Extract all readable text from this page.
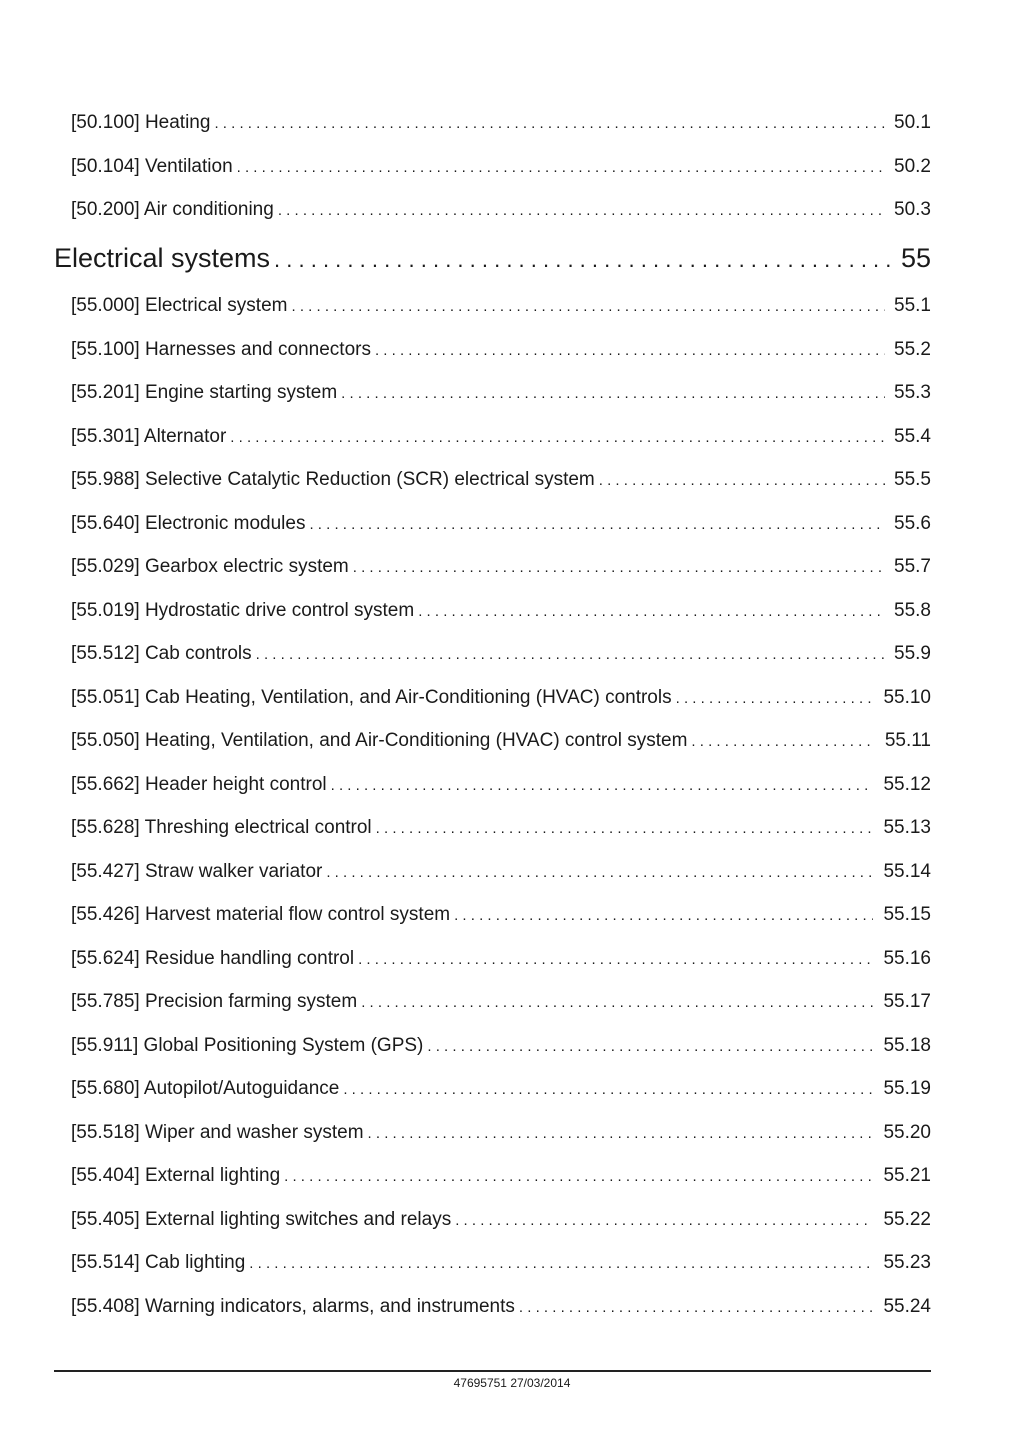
[50.100] Heating . . .	50.1
[50.104] Ventilation . . .	50.2
[50.200] Air conditioning . . .	50.3
Electrical systems . . .	55
[55.000] Electrical system . . .	55.1
[55.100] Harnesses and connectors . . .	55.2
[55.201] Engine starting system . . .	55.3
[55.301] Alternator . . .	55.4
[55.988] Selective Catalytic Reduction (SCR) electrical system . . .	55.5
[55.640] Electronic modules . . .	55.6
[55.029] Gearbox electric system . . .	55.7
[55.019] Hydrostatic drive control system . . .	55.8
[55.512] Cab controls . . .	55.9
[55.051] Cab Heating, Ventilation, and Air-Conditioning (HVAC) controls . . .	55.10
[55.050] Heating, Ventilation, and Air-Conditioning (HVAC) control system . . .	55.11
[55.662] Header height control . . .	55.12
[55.628] Threshing electrical control . . .	55.13
[55.427] Straw walker variator . . .	55.14
[55.426] Harvest material flow control system . . .	55.15
[55.624] Residue handling control . . .	55.16
[55.785] Precision farming system . . .	55.17
[55.911] Global Positioning System (GPS) . . .	55.18
[55.680] Autopilot/Autoguidance . . .	55.19
[55.518] Wiper and washer system . . .	55.20
[55.404] External lighting . . .	55.21
[55.405] External lighting switches and relays . . .	55.22
[55.514] Cab lighting . . .	55.23
[55.408] Warning indicators, alarms, and instruments . . .	55.24
47695751 27/03/2014
